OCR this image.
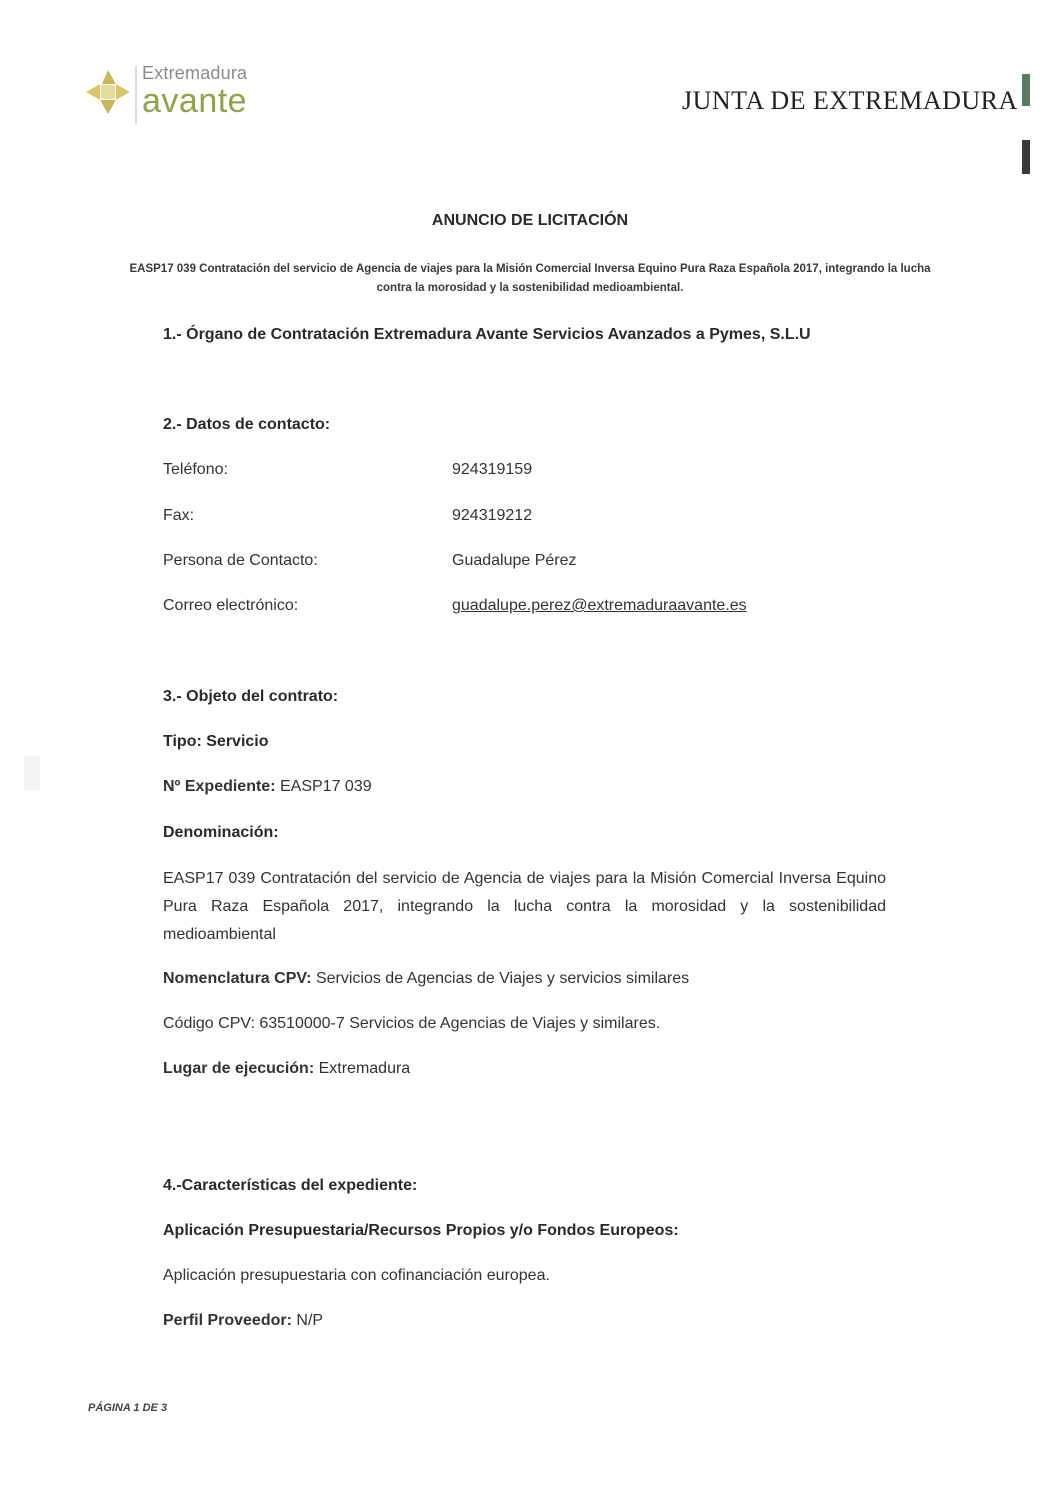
Extremadura
avante	JUNTA DE EXTREMADURA
ANUNCIO DE LICITACIÓN
EASP17 039 Contratación del servicio de Agencia de viajes para la Misión Comercial Inversa Equino Pura Raza Española 2017, integrando la lucha
contra la morosidad y la sostenibilidad medioambiental.
1.- Órgano de Contratación Extremadura Avante Servicios Avanzados a Pymes, S.L.U
2.- Datos de contacto:
Teléfono:	924319159
Fax:	924319212
Persona de Contacto:	Guadalupe Pérez
Correo electrónico:	guadalupe.perez@extremaduraavante.es
3.- Objeto del contrato:
Tipo: Servicio
Nº Expediente: EASP17 039
Denominación:
EASP17 039 Contratación del servicio de Agencia de viajes para la Misión Comercial Inversa Equino Pura Raza Española 2017, integrando la lucha contra la morosidad y la sostenibilidad medioambiental
Nomenclatura CPV: Servicios de Agencias de Viajes y servicios similares
Código CPV: 63510000-7 Servicios de Agencias de Viajes y similares.
Lugar de ejecución: Extremadura
4.-Características del expediente:
Aplicación Presupuestaria/Recursos Propios y/o Fondos Europeos:
Aplicación presupuestaria con cofinanciación europea.
Perfil Proveedor: N/P
PÁGINA 1 DE 3
